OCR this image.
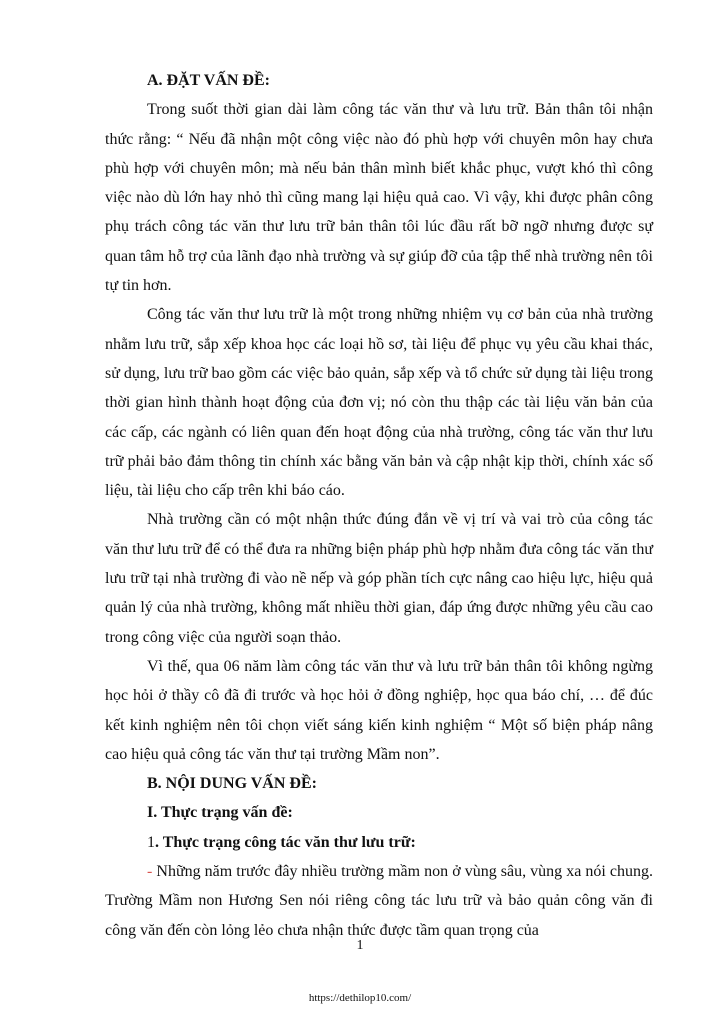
A. ĐẶT VẤN ĐỀ:

Trong suốt thời gian dài làm công tác văn thư và lưu trữ. Bản thân tôi nhận thức rằng: “ Nếu đã nhận một công việc nào đó phù hợp với chuyên môn hay chưa phù hợp với chuyên môn; mà nếu bản thân mình biết khắc phục, vượt khó thì công việc nào dù lớn hay nhỏ thì cũng mang lại hiệu quả cao. Vì vậy, khi được phân công phụ trách công tác văn thư lưu trữ bản thân tôi lúc đầu rất bỡ ngỡ nhưng được sự quan tâm hỗ trợ của lãnh đạo nhà trường và sự giúp đỡ của tập thể nhà trường nên tôi tự tin hơn.

Công tác văn thư lưu trữ là một trong những nhiệm vụ cơ bản của nhà trường nhằm lưu trữ, sắp xếp khoa học các loại hồ sơ, tài liệu để phục vụ yêu cầu khai thác, sử dụng, lưu trữ bao gồm các việc bảo quản, sắp xếp và tổ chức sử dụng tài liệu trong thời gian hình thành hoạt động của đơn vị; nó còn thu thập các tài liệu văn bản của các cấp, các ngành có liên quan đến hoạt động của nhà trường, công tác văn thư lưu trữ phải bảo đảm thông tin chính xác bằng văn bản và cập nhật kịp thời, chính xác số liệu, tài liệu cho cấp trên khi báo cáo.

Nhà trường cần có một nhận thức đúng đắn về vị trí và vai trò của công tác văn thư lưu trữ để có thể đưa ra những biện pháp phù hợp nhằm đưa công tác văn thư lưu trữ tại nhà trường đi vào nề nếp và góp phần tích cực nâng cao hiệu lực, hiệu quả quản lý của nhà trường, không mất nhiều thời gian, đáp ứng được những yêu cầu cao trong công việc của người soạn thảo.

Vì thế, qua 06 năm làm công tác văn thư và lưu trữ bản thân tôi không ngừng học hỏi ở thầy cô đã đi trước và học hỏi ở đồng nghiệp, học qua báo chí, … để đúc kết kinh nghiệm nên tôi chọn viết sáng kiến kinh nghiệm “ Một số biện pháp nâng cao hiệu quả công tác văn thư tại trường Mầm non”.

B. NỘI DUNG VẤN ĐỀ:

I. Thực trạng vấn đề:

1. Thực trạng công tác văn thư lưu trữ:

- Những năm trước đây nhiều trường mầm non ở vùng sâu, vùng xa nói chung. Trường Mầm non Hương Sen nói riêng công tác lưu trữ và bảo quản công văn đi công văn đến còn lỏng lẻo chưa nhận thức được tầm quan trọng của

1
https://dethilop10.com/
